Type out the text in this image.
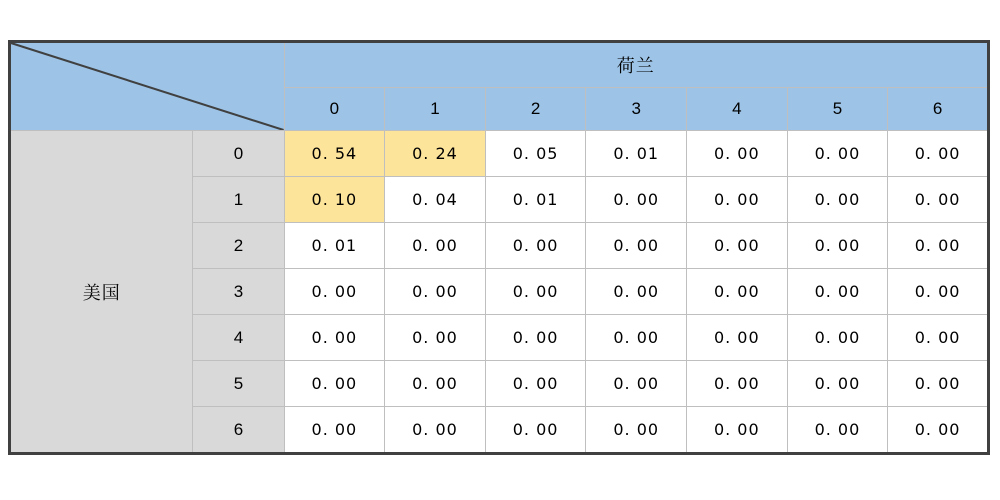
	荷兰						
		0	1	2	3	4	5	6
美国	0	0. 54	0. 24	0. 05	0. 01	0. 00	0. 00	0. 00
	1	0. 10	0. 04	0. 01	0. 00	0. 00	0. 00	0. 00
	2	0. 01	0. 00	0. 00	0. 00	0. 00	0. 00	0. 00
	3	0. 00	0. 00	0. 00	0. 00	0. 00	0. 00	0. 00
	4	0. 00	0. 00	0. 00	0. 00	0. 00	0. 00	0. 00
	5	0. 00	0. 00	0. 00	0. 00	0. 00	0. 00	0. 00
	6	0. 00	0. 00	0. 00	0. 00	0. 00	0. 00	0. 00
